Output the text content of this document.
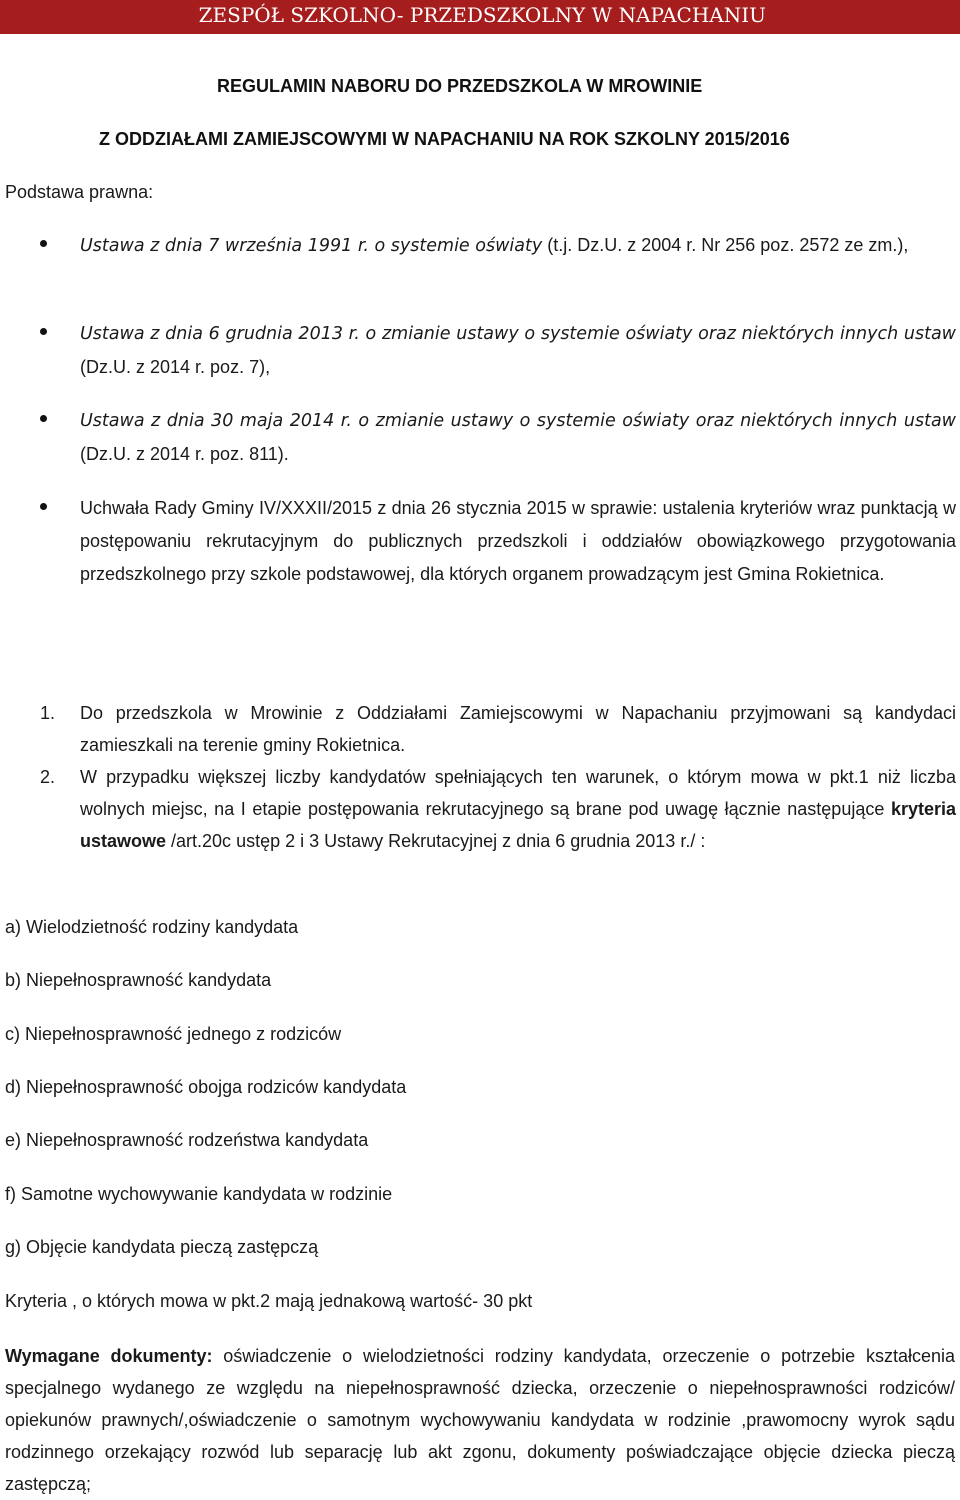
ZESPÓŁ SZKOLNO- PRZEDSZKOLNY W NAPACHANIU
REGULAMIN NABORU DO PRZEDSZKOLA W MROWINIE
Z ODDZIAŁAMI ZAMIEJSCOWYMI W NAPACHANIU NA ROK SZKOLNY 2015/2016
Podstawa prawna:
Ustawa z dnia 7 września 1991 r. o systemie oświaty (t.j. Dz.U. z 2004 r. Nr 256 poz. 2572 ze zm.),
Ustawa z dnia 6 grudnia 2013 r. o zmianie ustawy o systemie oświaty oraz niektórych innych ustaw (Dz.U. z 2014 r. poz. 7),
Ustawa z dnia 30 maja 2014 r. o zmianie ustawy o systemie oświaty oraz niektórych innych ustaw (Dz.U. z 2014 r. poz. 811).
Uchwała Rady Gminy IV/XXXII/2015 z dnia 26 stycznia 2015 w sprawie: ustalenia kryteriów wraz punktacją w postępowaniu rekrutacyjnym do publicznych przedszkoli i oddziałów obowiązkowego przygotowania przedszkolnego przy szkole podstawowej, dla których organem prowadzącym jest Gmina Rokietnica.
1. Do przedszkola w Mrowinie z Oddziałami Zamiejscowymi w Napachaniu przyjmowani są kandydaci zamieszkali na terenie gminy Rokietnica.
2. W przypadku większej liczby kandydatów spełniających ten warunek, o którym mowa w pkt.1 niż liczba wolnych miejsc, na I etapie postępowania rekrutacyjnego są brane pod uwagę łącznie następujące kryteria ustawowe /art.20c ustęp 2 i 3 Ustawy Rekrutacyjnej z dnia 6 grudnia 2013 r./ :
a) Wielodzietność rodziny kandydata
b) Niepełnosprawność kandydata
c) Niepełnosprawność jednego z rodziców
d) Niepełnosprawność obojga rodziców kandydata
e) Niepełnosprawność rodzeństwa kandydata
f) Samotne wychowywanie kandydata w rodzinie
g) Objęcie kandydata pieczą zastępczą
Kryteria , o których mowa w pkt.2 mają jednakową wartość- 30 pkt
Wymagane dokumenty: oświadczenie o wielodzietności rodziny kandydata, orzeczenie o potrzebie kształcenia specjalnego wydanego ze względu na niepełnosprawność dziecka, orzeczenie o niepełnosprawności rodziców/ opiekunów prawnych/,oświadczenie o samotnym wychowywaniu kandydata w rodzinie ,prawomocny wyrok sądu rodzinnego orzekający rozwód lub separację lub akt zgonu, dokumenty poświadczające objęcie dziecka pieczą zastępczą;
